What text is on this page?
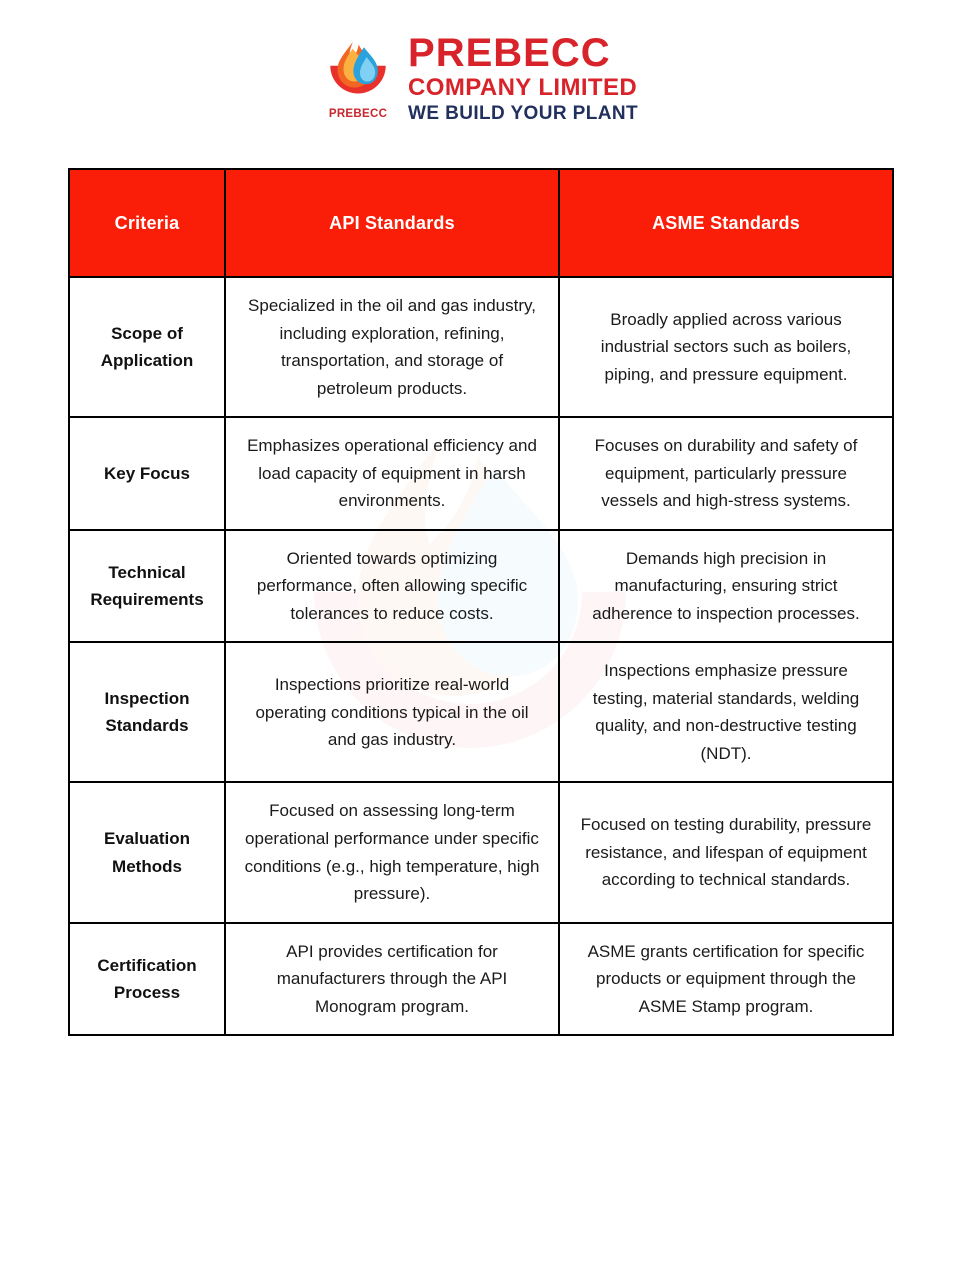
PREBECC
PREBECC
COMPANY LIMITED
WE BUILD YOUR PLANT
Criteria	API Standards	ASME Standards
Scope of Application	Specialized in the oil and gas industry, including exploration, refining, transportation, and storage of petroleum products.	Broadly applied across various industrial sectors such as boilers, piping, and pressure equipment.
Key Focus	Emphasizes operational efficiency and load capacity of equipment in harsh environments.	Focuses on durability and safety of equipment, particularly pressure vessels and high-stress systems.
Technical Requirements	Oriented towards optimizing performance, often allowing specific tolerances to reduce costs.	Demands high precision in manufacturing, ensuring strict adherence to inspection processes.
Inspection Standards	Inspections prioritize real-world operating conditions typical in the oil and gas industry.	Inspections emphasize pressure testing, material standards, welding quality, and non-destructive testing (NDT).
Evaluation Methods	Focused on assessing long-term operational performance under specific conditions (e.g., high temperature, high pressure).	Focused on testing durability, pressure resistance, and lifespan of equipment according to technical standards.
Certification Process	API provides certification for manufacturers through the API Monogram program.	ASME grants certification for specific products or equipment through the ASME Stamp program.
